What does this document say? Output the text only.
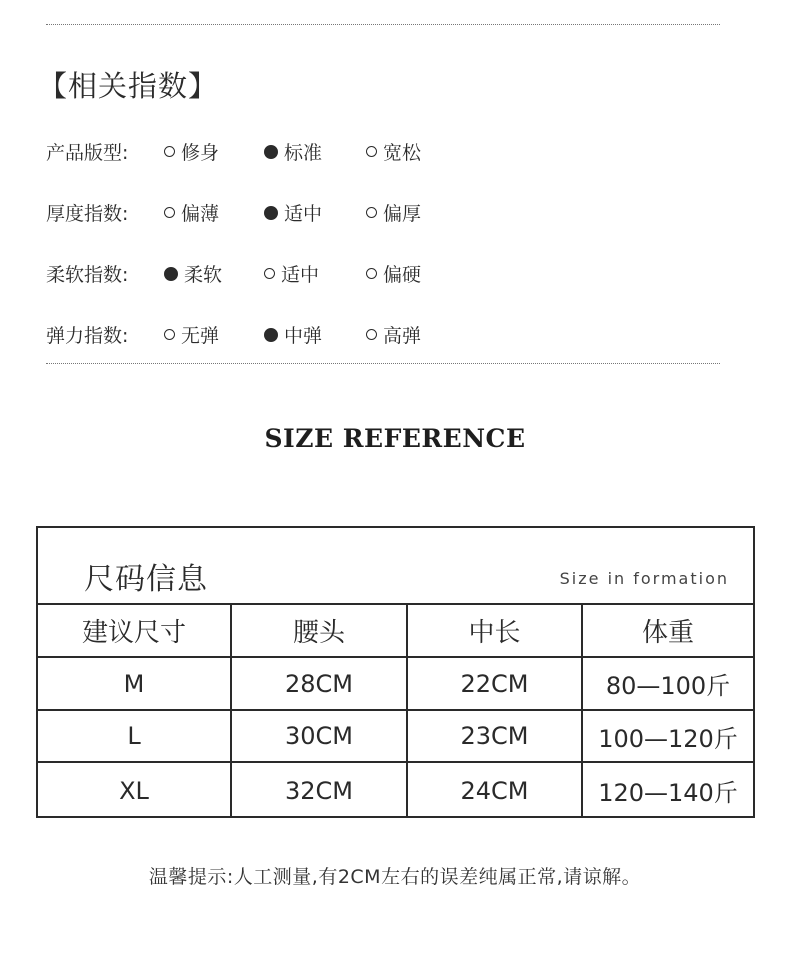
【相关指数】
产品版型:	修身	标准	宽松
厚度指数:	偏薄	适中	偏厚
柔软指数:	柔软	适中	偏硬
弹力指数:	无弹	中弹	高弹
SIZE REFERENCE
尺码信息	Size in formation
建议尺寸	腰头	中长	体重
M	28CM	22CM	80—100斤
L	30CM	23CM	100—120斤
XL	32CM	24CM	120—140斤
温馨提示:人工测量,有2CM左右的误差纯属正常,请谅解。
